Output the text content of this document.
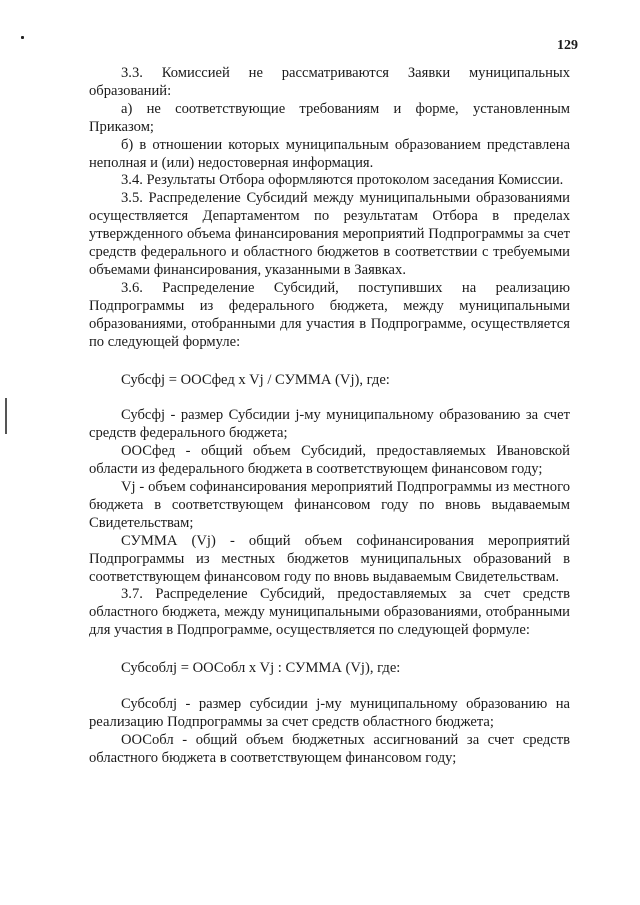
129

3.3. Комиссией не рассматриваются Заявки муниципальных образований:

а) не соответствующие требованиям и форме, установленным Приказом;

б) в отношении которых муниципальным образованием представлена неполная и (или) недостоверная информация.

3.4. Результаты Отбора оформляются протоколом заседания Комиссии.

3.5. Распределение Субсидий между муниципальными образованиями осуществляется Департаментом по результатам Отбора в пределах утвержденного объема финансирования мероприятий Подпрограммы за счет средств федерального и областного бюджетов в соответствии с требуемыми объемами финансирования, указанными в Заявках.

3.6. Распределение Субсидий, поступивших на реализацию Подпрограммы из федерального бюджета, между муниципальными образованиями, отобранными для участия в Подпрограмме, осуществляется по следующей формуле:

Субсфj = ООСфед x Vj / СУММА (Vj), где:

Субсфj - размер Субсидии j-му муниципальному образованию за счет средств федерального бюджета;

ООСфед - общий объем Субсидий, предоставляемых Ивановской области из федерального бюджета в соответствующем финансовом году;

Vj - объем софинансирования мероприятий Подпрограммы из местного бюджета в соответствующем финансовом году по вновь выдаваемым Свидетельствам;

СУММА (Vj) - общий объем софинансирования мероприятий Подпрограммы из местных бюджетов муниципальных образований в соответствующем финансовом году по вновь выдаваемым Свидетельствам.

3.7. Распределение Субсидий, предоставляемых за счет средств областного бюджета, между муниципальными образованиями, отобранными для участия в Подпрограмме, осуществляется по следующей формуле:

Субсоблj = ООСобл x Vj : СУММА (Vj), где:

Субсоблj - размер субсидии j-му муниципальному образованию на реализацию Подпрограммы за счет средств областного бюджета;

ООСобл - общий объем бюджетных ассигнований за счет средств областного бюджета в соответствующем финансовом году;
